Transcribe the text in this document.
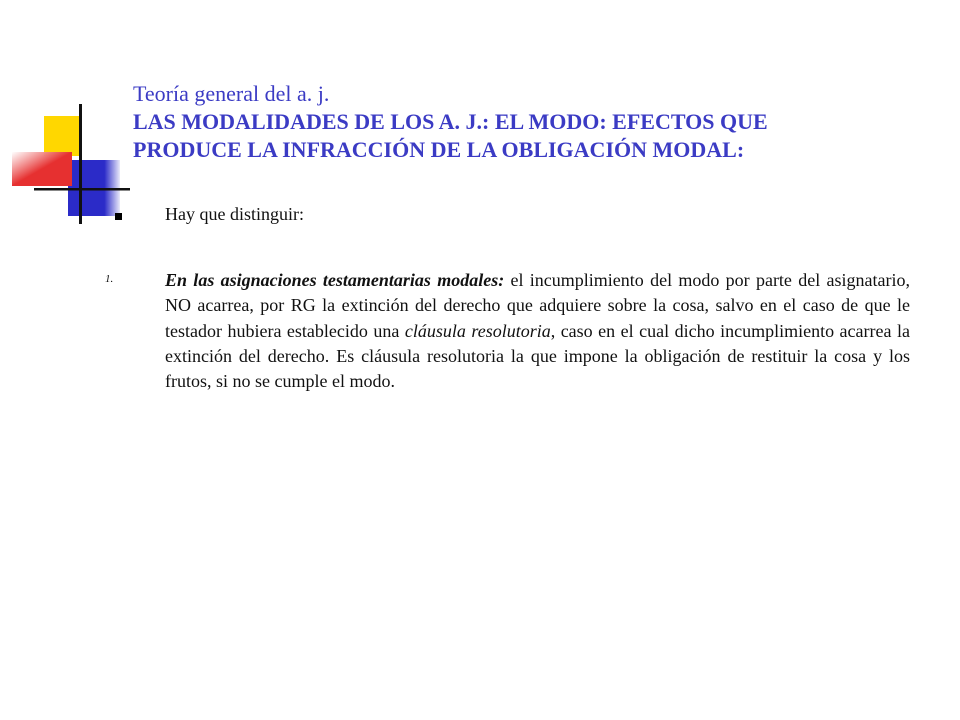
Teoría general del a. j.
LAS MODALIDADES DE LOS A. J.: EL MODO: EFECTOS QUE
PRODUCE LA INFRACCIÓN DE LA OBLIGACIÓN MODAL:
Hay que distinguir:
1.	En las asignaciones testamentarias modales: el incumplimiento del modo por parte del asignatario, NO acarrea, por RG la extinción del derecho que adquiere sobre la cosa, salvo en el caso de que le testador hubiera establecido una cláusula resolutoria, caso en el cual dicho incumplimiento acarrea la extinción del derecho. Es cláusula resolutoria la que impone la obligación de restituir la cosa y los frutos, si no se cumple el modo.
